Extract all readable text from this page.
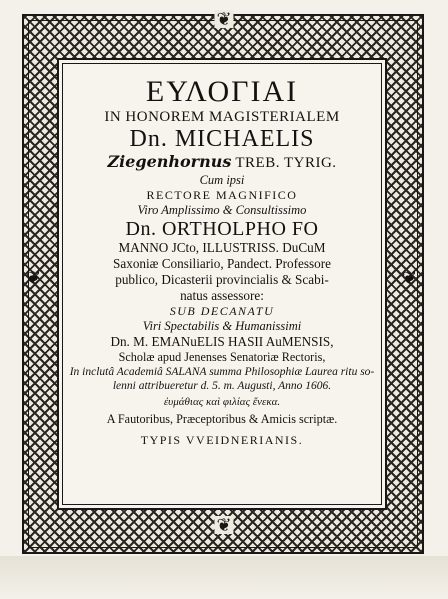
❦
❦
❦	❦
ΕΥΛΟΓΙΑΙ
IN HONOREM MAGISTERIALEM
Dn. MICHAELIS
Ziegenhornus TREB. TYRIG.
Cum ipsi
RECTORE MAGNIFICO
Viro Amplissimo & Consultissimo
Dn. ORTHOLPHO FO
MANNO JCto, ILLUSTRISS. DuCuM
Saxoniæ Consiliario, Pandect. Professore
publico, Dicasterii provincialis & Scabi-
natus assessore:
SUB DECANATU
Viri Spectabilis & Humanissimi
Dn. M. EMANuELIS HASII AuMENSIS,
Scholæ apud Jenenses Senatoriæ Rectoris,
In inclutâ Academiâ SALANA summa Philosophiæ Laurea ritu so-
lenni attribueretur d. 5. m. Augusti, Anno 1606.
ἐυμάθιας καὶ φιλίας ἕνεκα.
A Fautoribus, Præceptoribus & Amicis scriptæ.
TYPIS VVEIDNERIANIS.
